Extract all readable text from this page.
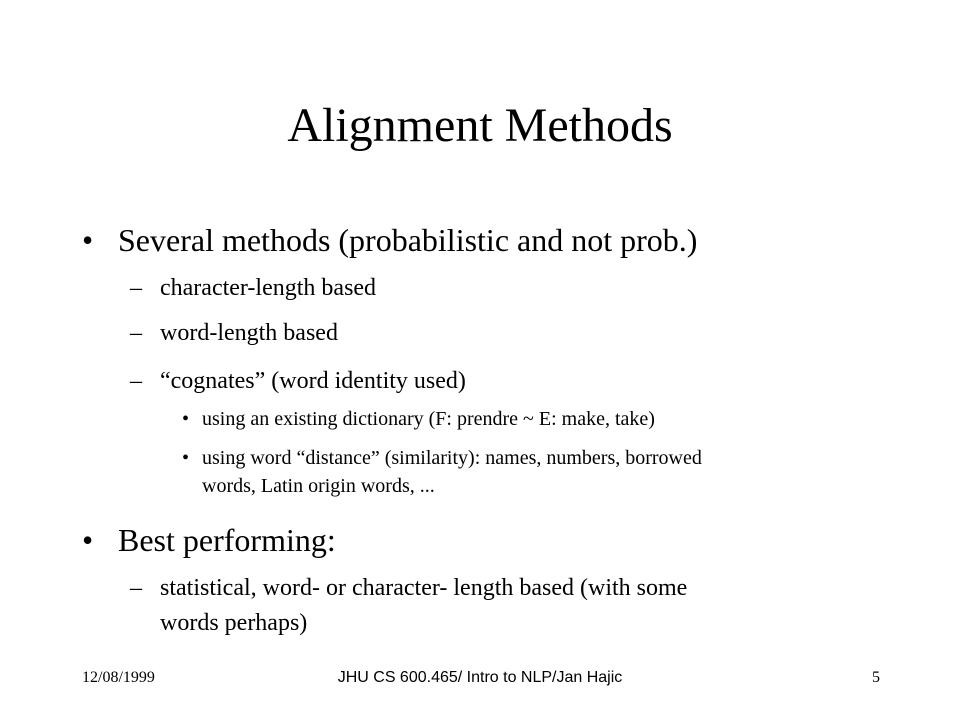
Alignment Methods
• Several methods (probabilistic and not prob.)
– character-length based
– word-length based
– “cognates” (word identity used)
• using an existing dictionary (F: prendre ~ E: make, take)
• using word “distance” (similarity): names, numbers, borrowed
words, Latin origin words, ...
• Best performing:
– statistical, word- or character- length based (with some
words perhaps)
12/08/1999	JHU CS 600.465/ Intro to NLP/Jan Hajic	5
